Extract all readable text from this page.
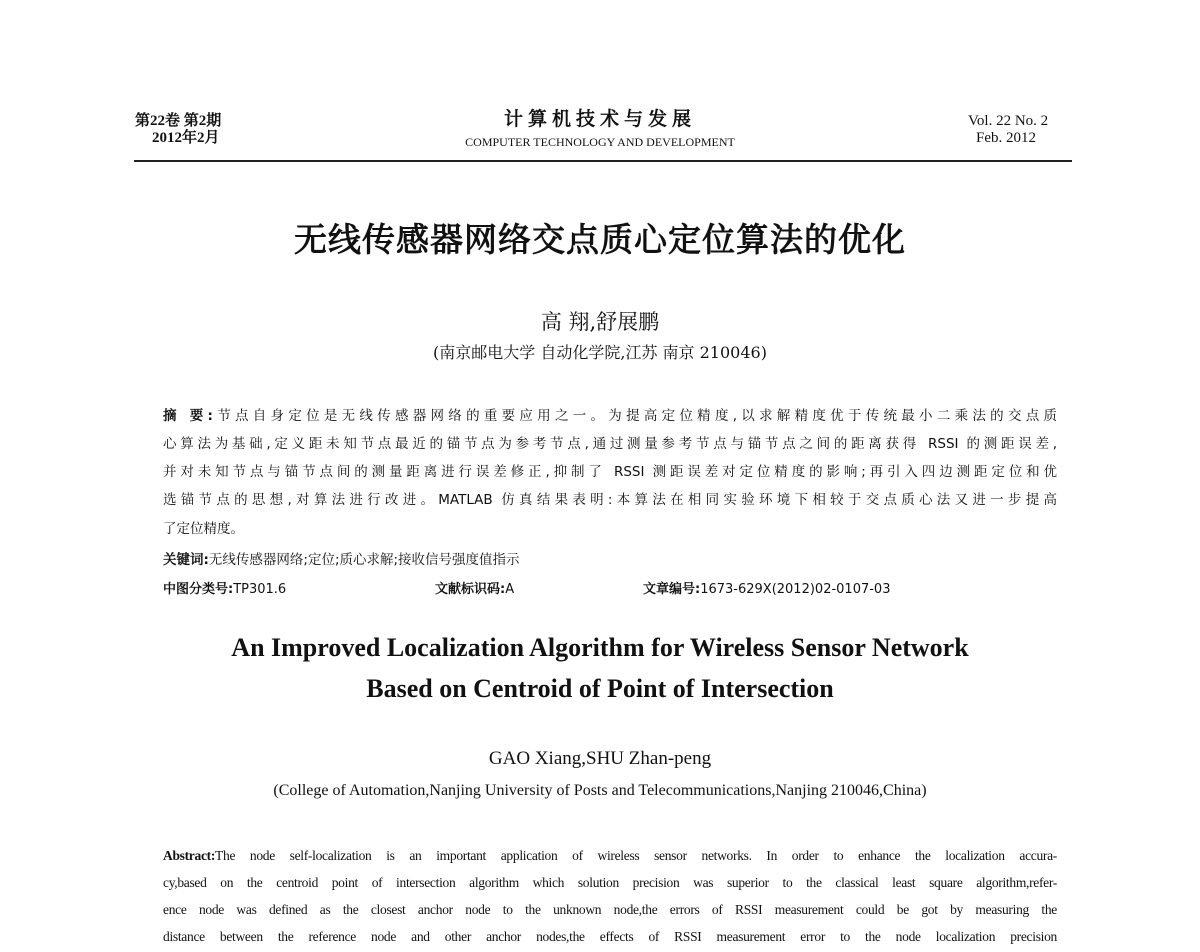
第22卷 第2期
2012年2月
计算机技术与发展
COMPUTER TECHNOLOGY AND DEVELOPMENT
Vol. 22 No. 2
Feb. 2012
无线传感器网络交点质心定位算法的优化
高 翔,舒展鹏
(南京邮电大学 自动化学院,江苏 南京 210046)
摘 要:节点自身定位是无线传感器网络的重要应用之一。为提高定位精度,以求解精度优于传统最小二乘法的交点质
心算法为基础,定义距未知节点最近的锚节点为参考节点,通过测量参考节点与锚节点之间的距离获得 RSSI 的测距误差,
并对未知节点与锚节点间的测量距离进行误差修正,抑制了 RSSI 测距误差对定位精度的影响;再引入四边测距定位和优
选锚节点的思想,对算法进行改进。MATLAB 仿真结果表明:本算法在相同实验环境下相较于交点质心法又进一步提高
了定位精度。
关键词:无线传感器网络;定位;质心求解;接收信号强度值指示
中图分类号:TP301.6	文献标识码:A	文章编号:1673-629X(2012)02-0107-03
An Improved Localization Algorithm for Wireless Sensor Network
Based on Centroid of Point of Intersection
GAO Xiang,SHU Zhan-peng
(College of Automation,Nanjing University of Posts and Telecommunications,Nanjing 210046,China)
Abstract:The node self-localization is an important application of wireless sensor networks. In order to enhance the localization accura-
cy,based on the centroid point of intersection algorithm which solution precision was superior to the classical least square algorithm,refer-
ence node was defined as the closest anchor node to the unknown node,the errors of RSSI measurement could be got by measuring the
distance between the reference node and other anchor nodes,the effects of RSSI measurement error to the node localization precision
